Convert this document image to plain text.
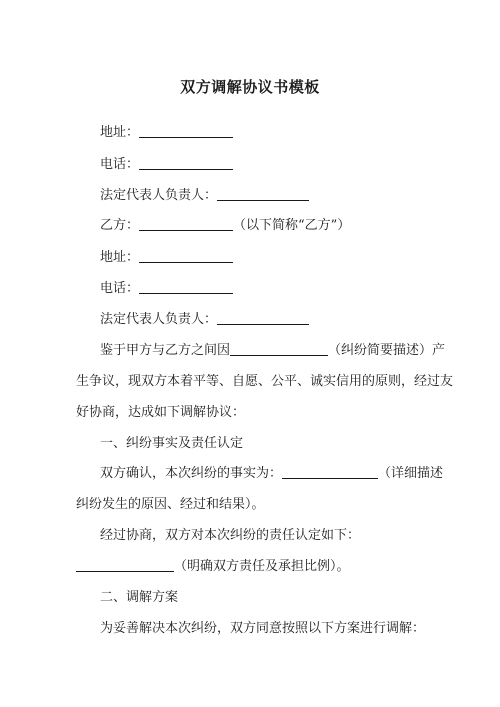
双方调解协议书模板
地址：
电话：
法定代表人负责人：
乙方：	（以下简称“乙方”）
地址：
电话：
法定代表人负责人：
鉴于甲方与乙方之间因	（纠纷简要描述）产
生争议，现双方本着平等、自愿、公平、诚实信用的原则，经过友
好协商，达成如下调解协议：
一、纠纷事实及责任认定
双方确认，本次纠纷的事实为：	（详细描述
纠纷发生的原因、经过和结果）。
经过协商，双方对本次纠纷的责任认定如下：
（明确双方责任及承担比例）。
二、调解方案
为妥善解决本次纠纷，双方同意按照以下方案进行调解：
